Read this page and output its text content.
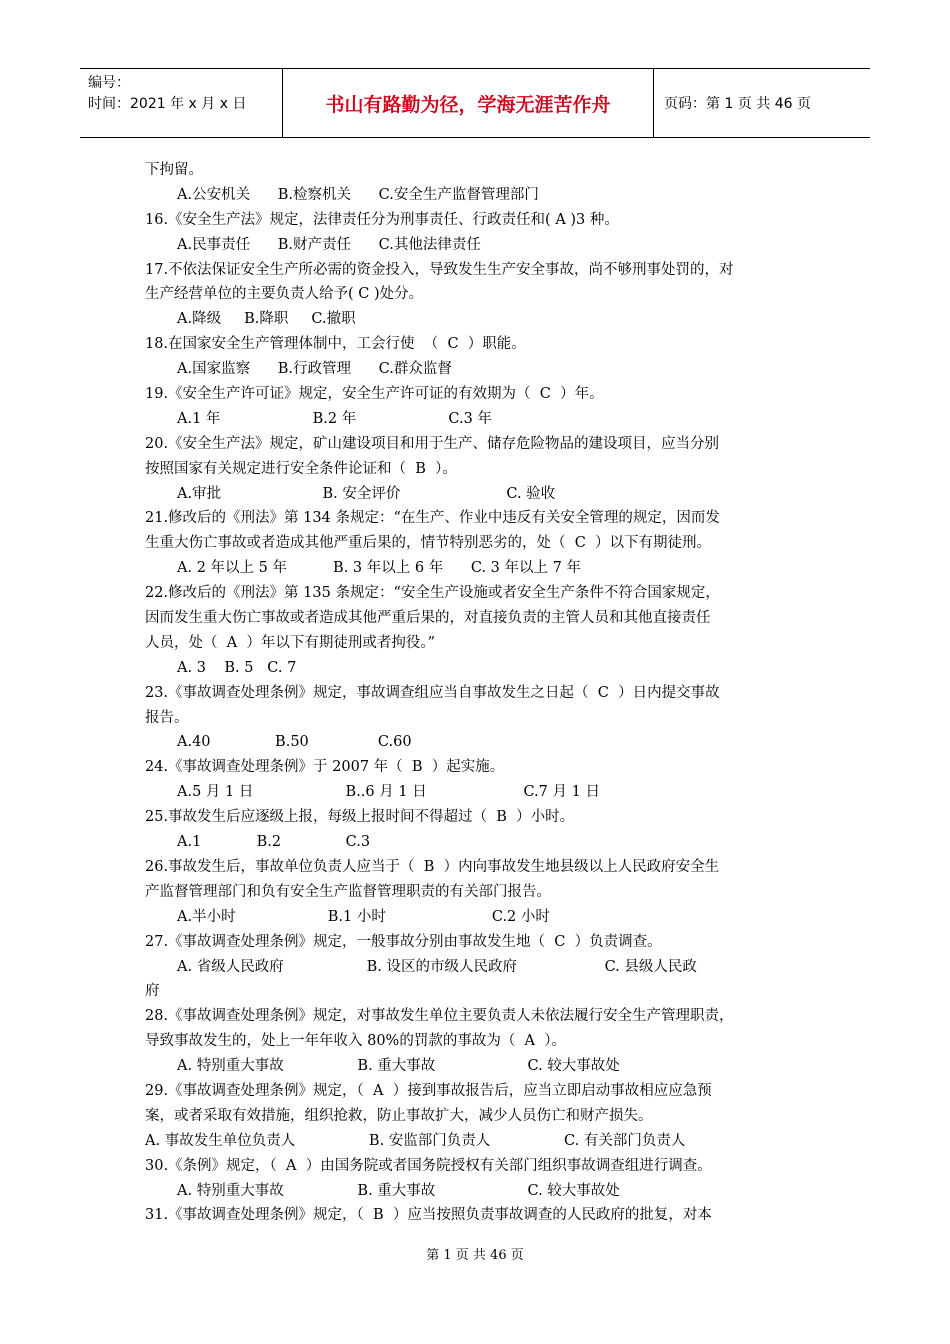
编号：
时间：2021 年 x 月 x 日	书山有路勤为径，学海无涯苦作舟	页码：第 1 页 共 46 页
下拘留。
A.公安机关      B.检察机关      C.安全生产监督管理部门
16.《安全生产法》规定，法律责任分为刑事责任、行政责任和( A )3 种。
A.民事责任      B.财产责任      C.其他法律责任
17.不依法保证安全生产所必需的资金投入，导致发生生产安全事故，尚不够刑事处罚的，对
生产经营单位的主要负责人给予( C )处分。
A.降级     B.降职     C.撤职
18.在国家安全生产管理体制中，工会行使  （  C  ）职能。
A.国家监察      B.行政管理      C.群众监督
19.《安全生产许可证》规定，安全生产许可证的有效期为（  C  ）年。
A.1 年                    B.2 年                    C.3 年
20.《安全生产法》规定，矿山建设项目和用于生产、储存危险物品的建设项目，应当分别
按照国家有关规定进行安全条件论证和（  B  ）。
A.审批                      B. 安全评价                       C. 验收
21.修改后的《刑法》第 134 条规定：“在生产、作业中违反有关安全管理的规定，因而发
生重大伤亡事故或者造成其他严重后果的，情节特别恶劣的，处（  C  ）以下有期徒刑。
A. 2 年以上 5 年          B. 3 年以上 6 年      C. 3 年以上 7 年
22.修改后的《刑法》第 135 条规定：“安全生产设施或者安全生产条件不符合国家规定，
因而发生重大伤亡事故或者造成其他严重后果的，对直接负责的主管人员和其他直接责任
人员，处（  A  ）年以下有期徒刑或者拘役。”
A. 3    B. 5   C. 7
23.《事故调查处理条例》规定，事故调查组应当自事故发生之日起（  C  ）日内提交事故
报告。
A.40              B.50               C.60
24.《事故调查处理条例》于 2007 年（  B  ）起实施。
A.5 月 1 日                    B..6 月 1 日                     C.7 月 1 日
25.事故发生后应逐级上报，每级上报时间不得超过（  B  ）小时。
A.1            B.2              C.3
26.事故发生后，事故单位负责人应当于（  B  ）内向事故发生地县级以上人民政府安全生
产监督管理部门和负有安全生产监督管理职责的有关部门报告。
A.半小时                    B.1 小时                       C.2 小时
27.《事故调查处理条例》规定，一般事故分别由事故发生地（  C  ）负责调查。
A. 省级人民政府                  B. 设区的市级人民政府                   C. 县级人民政
府
28.《事故调查处理条例》规定，对事故发生单位主要负责人未依法履行安全生产管理职责，
导致事故发生的，处上一年年收入 80%的罚款的事故为（  A  ）。
A. 特别重大事故                B. 重大事故                    C. 较大事故处
29.《事故调查处理条例》规定，（  A  ）接到事故报告后，应当立即启动事故相应应急预
案，或者采取有效措施，组织抢救，防止事故扩大，减少人员伤亡和财产损失。
A. 事故发生单位负责人                B. 安监部门负责人                C. 有关部门负责人
30.《条例》规定，（  A  ）由国务院或者国务院授权有关部门组织事故调查组进行调查。
A. 特别重大事故                B. 重大事故                    C. 较大事故处
31.《事故调查处理条例》规定，（  B  ）应当按照负责事故调查的人民政府的批复，对本
第 1 页 共 46 页
